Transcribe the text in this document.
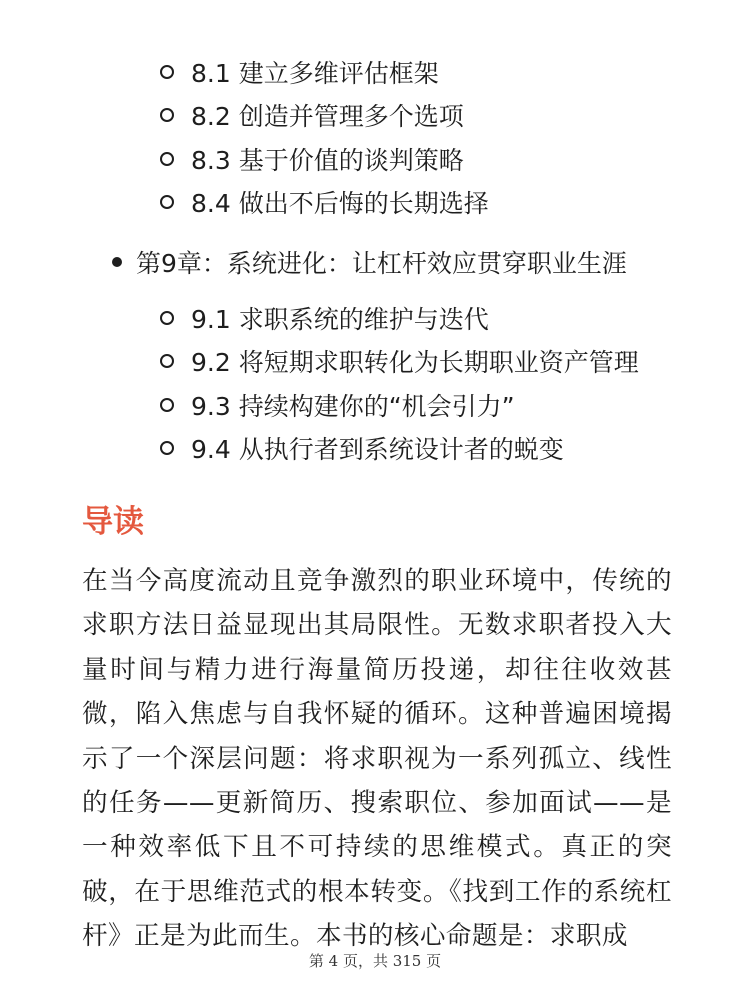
8.1 建立多维评估框架
8.2 创造并管理多个选项
8.3 基于价值的谈判策略
8.4 做出不后悔的长期选择
第9章：系统进化：让杠杆效应贯穿职业生涯
9.1 求职系统的维护与迭代
9.2 将短期求职转化为长期职业资产管理
9.3 持续构建你的“机会引力”
9.4 从执行者到系统设计者的蜕变
导读

在当今高度流动且竞争激烈的职业环境中，传统的求职方法日益显现出其局限性。无数求职者投入大量时间与精力进行海量简历投递，却往往收效甚微，陷入焦虑与自我怀疑的循环。这种普遍困境揭示了一个深层问题：将求职视为一系列孤立、线性的任务——更新简历、搜索职位、参加面试——是一种效率低下且不可持续的思维模式。真正的突破，在于思维范式的根本转变。《找到工作的系统杠杆》正是为此而生。本书的核心命题是：求职成

第 4 页，共 315 页
